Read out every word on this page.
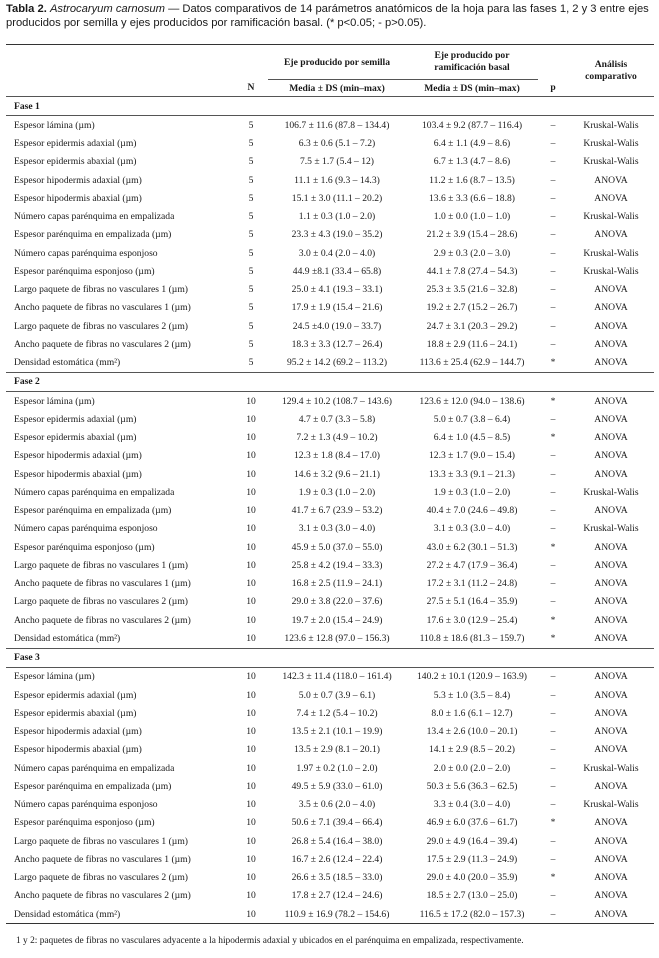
Tabla 2. Astrocaryum carnosum — Datos comparativos de 14 parámetros anatómicos de la hoja para las fases 1, 2 y 3 entre ejes producidos por semilla y ejes producidos por ramificación basal. (* p<0.05; - p>0.05).
		Eje producido por semilla	Eje producido por ramificación basal		Análisis comparativo
	N	Media ± DS (min–max)	Media ± DS (min–max)	p	
Fase 1					
Espesor lámina (µm)	5	106.7 ± 11.6 (87.8 – 134.4)	103.4 ± 9.2 (87.7 – 116.4)	–	Kruskal-Walis
Espesor epidermis adaxial (µm)	5	6.3 ± 0.6 (5.1 – 7.2)	6.4 ± 1.1 (4.9 – 8.6)	–	Kruskal-Walis
Espesor epidermis abaxial (µm)	5	7.5 ± 1.7 (5.4 – 12)	6.7 ± 1.3 (4.7 – 8.6)	–	Kruskal-Walis
Espesor hipodermis adaxial (µm)	5	11.1 ± 1.6 (9.3 – 14.3)	11.2 ± 1.6 (8.7 – 13.5)	–	ANOVA
Espesor hipodermis abaxial (µm)	5	15.1 ± 3.0 (11.1 – 20.2)	13.6 ± 3.3 (6.6 – 18.8)	–	ANOVA
Número capas parénquima en empalizada	5	1.1 ± 0.3 (1.0 – 2.0)	1.0 ± 0.0 (1.0 – 1.0)	–	Kruskal-Walis
Espesor parénquima en empalizada (µm)	5	23.3 ± 4.3 (19.0 – 35.2)	21.2 ± 3.9 (15.4 – 28.6)	–	ANOVA
Número capas parénquima esponjoso	5	3.0 ± 0.4 (2.0 – 4.0)	2.9 ± 0.3 (2.0 – 3.0)	–	Kruskal-Walis
Espesor parénquima esponjoso (µm)	5	44.9 ±8.1 (33.4 – 65.8)	44.1 ± 7.8 (27.4 – 54.3)	–	Kruskal-Walis
Largo paquete de fibras no vasculares 1 (µm)	5	25.0 ± 4.1 (19.3 – 33.1)	25.3 ± 3.5 (21.6 – 32.8)	–	ANOVA
Ancho paquete de fibras no vasculares 1 (µm)	5	17.9 ± 1.9 (15.4 – 21.6)	19.2 ± 2.7 (15.2 – 26.7)	–	ANOVA
Largo paquete de fibras no vasculares 2 (µm)	5	24.5 ±4.0 (19.0 – 33.7)	24.7 ± 3.1 (20.3 – 29.2)	–	ANOVA
Ancho paquete de fibras no vasculares 2 (µm)	5	18.3 ± 3.3 (12.7 – 26.4)	18.8 ± 2.9 (11.6 – 24.1)	–	ANOVA
Densidad estomática (mm²)	5	95.2 ± 14.2 (69.2 – 113.2)	113.6 ± 25.4 (62.9 – 144.7)	*	ANOVA
Fase 2					
Espesor lámina (µm)	10	129.4 ± 10.2 (108.7 – 143.6)	123.6 ± 12.0 (94.0 – 138.6)	*	ANOVA
Espesor epidermis adaxial (µm)	10	4.7 ± 0.7 (3.3 – 5.8)	5.0 ± 0.7 (3.8 – 6.4)	–	ANOVA
Espesor epidermis abaxial (µm)	10	7.2 ± 1.3 (4.9 – 10.2)	6.4 ± 1.0 (4.5 – 8.5)	*	ANOVA
Espesor hipodermis adaxial (µm)	10	12.3 ± 1.8 (8.4 – 17.0)	12.3 ± 1.7 (9.0 – 15.4)	–	ANOVA
Espesor hipodermis abaxial (µm)	10	14.6 ± 3.2 (9.6 – 21.1)	13.3 ± 3.3 (9.1 – 21.3)	–	ANOVA
Número capas parénquima en empalizada	10	1.9 ± 0.3 (1.0 – 2.0)	1.9 ± 0.3 (1.0 – 2.0)	–	Kruskal-Walis
Espesor parénquima en empalizada (µm)	10	41.7 ± 6.7 (23.9 – 53.2)	40.4 ± 7.0 (24.6 – 49.8)	–	ANOVA
Número capas parénquima esponjoso	10	3.1 ± 0.3 (3.0 – 4.0)	3.1 ± 0.3 (3.0 – 4.0)	–	Kruskal-Walis
Espesor parénquima esponjoso (µm)	10	45.9 ± 5.0 (37.0 – 55.0)	43.0 ± 6.2 (30.1 – 51.3)	*	ANOVA
Largo paquete de fibras no vasculares 1 (µm)	10	25.8 ± 4.2 (19.4 – 33.3)	27.2 ± 4.7 (17.9 – 36.4)	–	ANOVA
Ancho paquete de fibras no vasculares 1 (µm)	10	16.8 ± 2.5 (11.9 – 24.1)	17.2 ± 3.1 (11.2 – 24.8)	–	ANOVA
Largo paquete de fibras no vasculares 2 (µm)	10	29.0 ± 3.8 (22.0 – 37.6)	27.5 ± 5.1 (16.4 – 35.9)	–	ANOVA
Ancho paquete de fibras no vasculares 2 (µm)	10	19.7 ± 2.0 (15.4 – 24.9)	17.6 ± 3.0 (12.9 – 25.4)	*	ANOVA
Densidad estomática (mm²)	10	123.6 ± 12.8 (97.0 – 156.3)	110.8 ± 18.6 (81.3 – 159.7)	*	ANOVA
Fase 3					
Espesor lámina (µm)	10	142.3 ± 11.4 (118.0 – 161.4)	140.2 ± 10.1 (120.9 – 163.9)	–	ANOVA
Espesor epidermis adaxial (µm)	10	5.0 ± 0.7 (3.9 – 6.1)	5.3 ± 1.0 (3.5 – 8.4)	–	ANOVA
Espesor epidermis abaxial (µm)	10	7.4 ± 1.2 (5.4 – 10.2)	8.0 ± 1.6 (6.1 – 12.7)	–	ANOVA
Espesor hipodermis adaxial (µm)	10	13.5 ± 2.1 (10.1 – 19.9)	13.4 ± 2.6 (10.0 – 20.1)	–	ANOVA
Espesor hipodermis abaxial (µm)	10	13.5 ± 2.9 (8.1 – 20.1)	14.1 ± 2.9 (8.5 – 20.2)	–	ANOVA
Número capas parénquima en empalizada	10	1.97 ± 0.2 (1.0 – 2.0)	2.0 ± 0.0 (2.0 – 2.0)	–	Kruskal-Walis
Espesor parénquima en empalizada (µm)	10	49.5 ± 5.9 (33.0 – 61.0)	50.3 ± 5.6 (36.3 – 62.5)	–	ANOVA
Número capas parénquima esponjoso	10	3.5 ± 0.6 (2.0 – 4.0)	3.3 ± 0.4 (3.0 – 4.0)	–	Kruskal-Walis
Espesor parénquima esponjoso (µm)	10	50.6 ± 7.1 (39.4 – 66.4)	46.9 ± 6.0 (37.6 – 61.7)	*	ANOVA
Largo paquete de fibras no vasculares 1 (µm)	10	26.8 ± 5.4 (16.4 – 38.0)	29.0 ± 4.9 (16.4 – 39.4)	–	ANOVA
Ancho paquete de fibras no vasculares 1 (µm)	10	16.7 ± 2.6 (12.4 – 22.4)	17.5 ± 2.9 (11.3 – 24.9)	–	ANOVA
Largo paquete de fibras no vasculares 2 (µm)	10	26.6 ± 3.5 (18.5 – 33.0)	29.0 ± 4.0 (20.0 – 35.9)	*	ANOVA
Ancho paquete de fibras no vasculares 2 (µm)	10	17.8 ± 2.7 (12.4 – 24.6)	18.5 ± 2.7 (13.0 – 25.0)	–	ANOVA
Densidad estomática (mm²)	10	110.9 ± 16.9 (78.2 – 154.6)	116.5 ± 17.2 (82.0 – 157.3)	–	ANOVA
1 y 2: paquetes de fibras no vasculares adyacente a la hipodermis adaxial y ubicados en el parénquima en empalizada, respectivamente.
